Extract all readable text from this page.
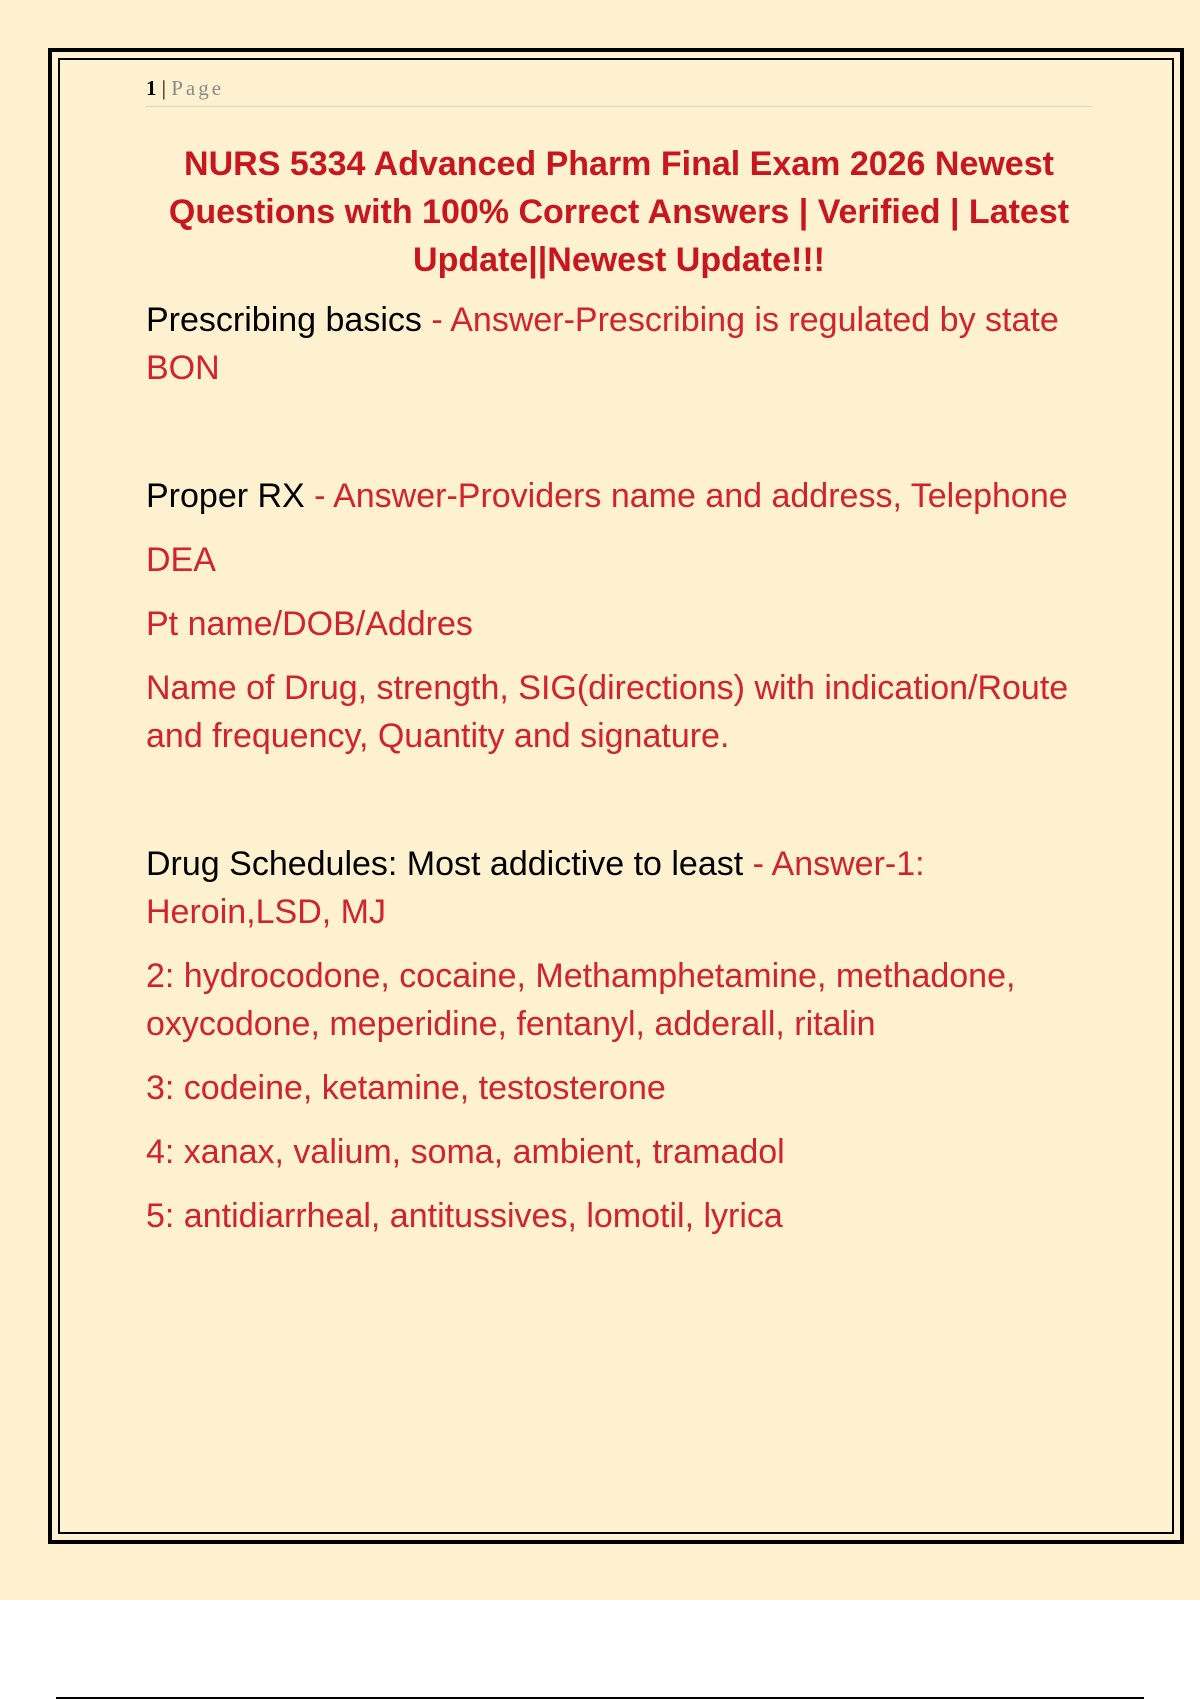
1 | Page
NURS 5334 Advanced Pharm Final Exam 2026 Newest Questions with 100% Correct Answers | Verified | Latest Update||Newest Update!!!

Prescribing basics - Answer-Prescribing is regulated by state BON

Proper RX - Answer-Providers name and address, Telephone

DEA

Pt name/DOB/Addres

Name of Drug, strength, SIG(directions) with indication/Route and frequency, Quantity and signature.

Drug Schedules: Most addictive to least - Answer-1: Heroin,LSD, MJ

2: hydrocodone, cocaine, Methamphetamine, methadone, oxycodone, meperidine, fentanyl, adderall, ritalin

3: codeine, ketamine, testosterone

4: xanax, valium, soma, ambient, tramadol

5: antidiarrheal, antitussives, lomotil, lyrica
